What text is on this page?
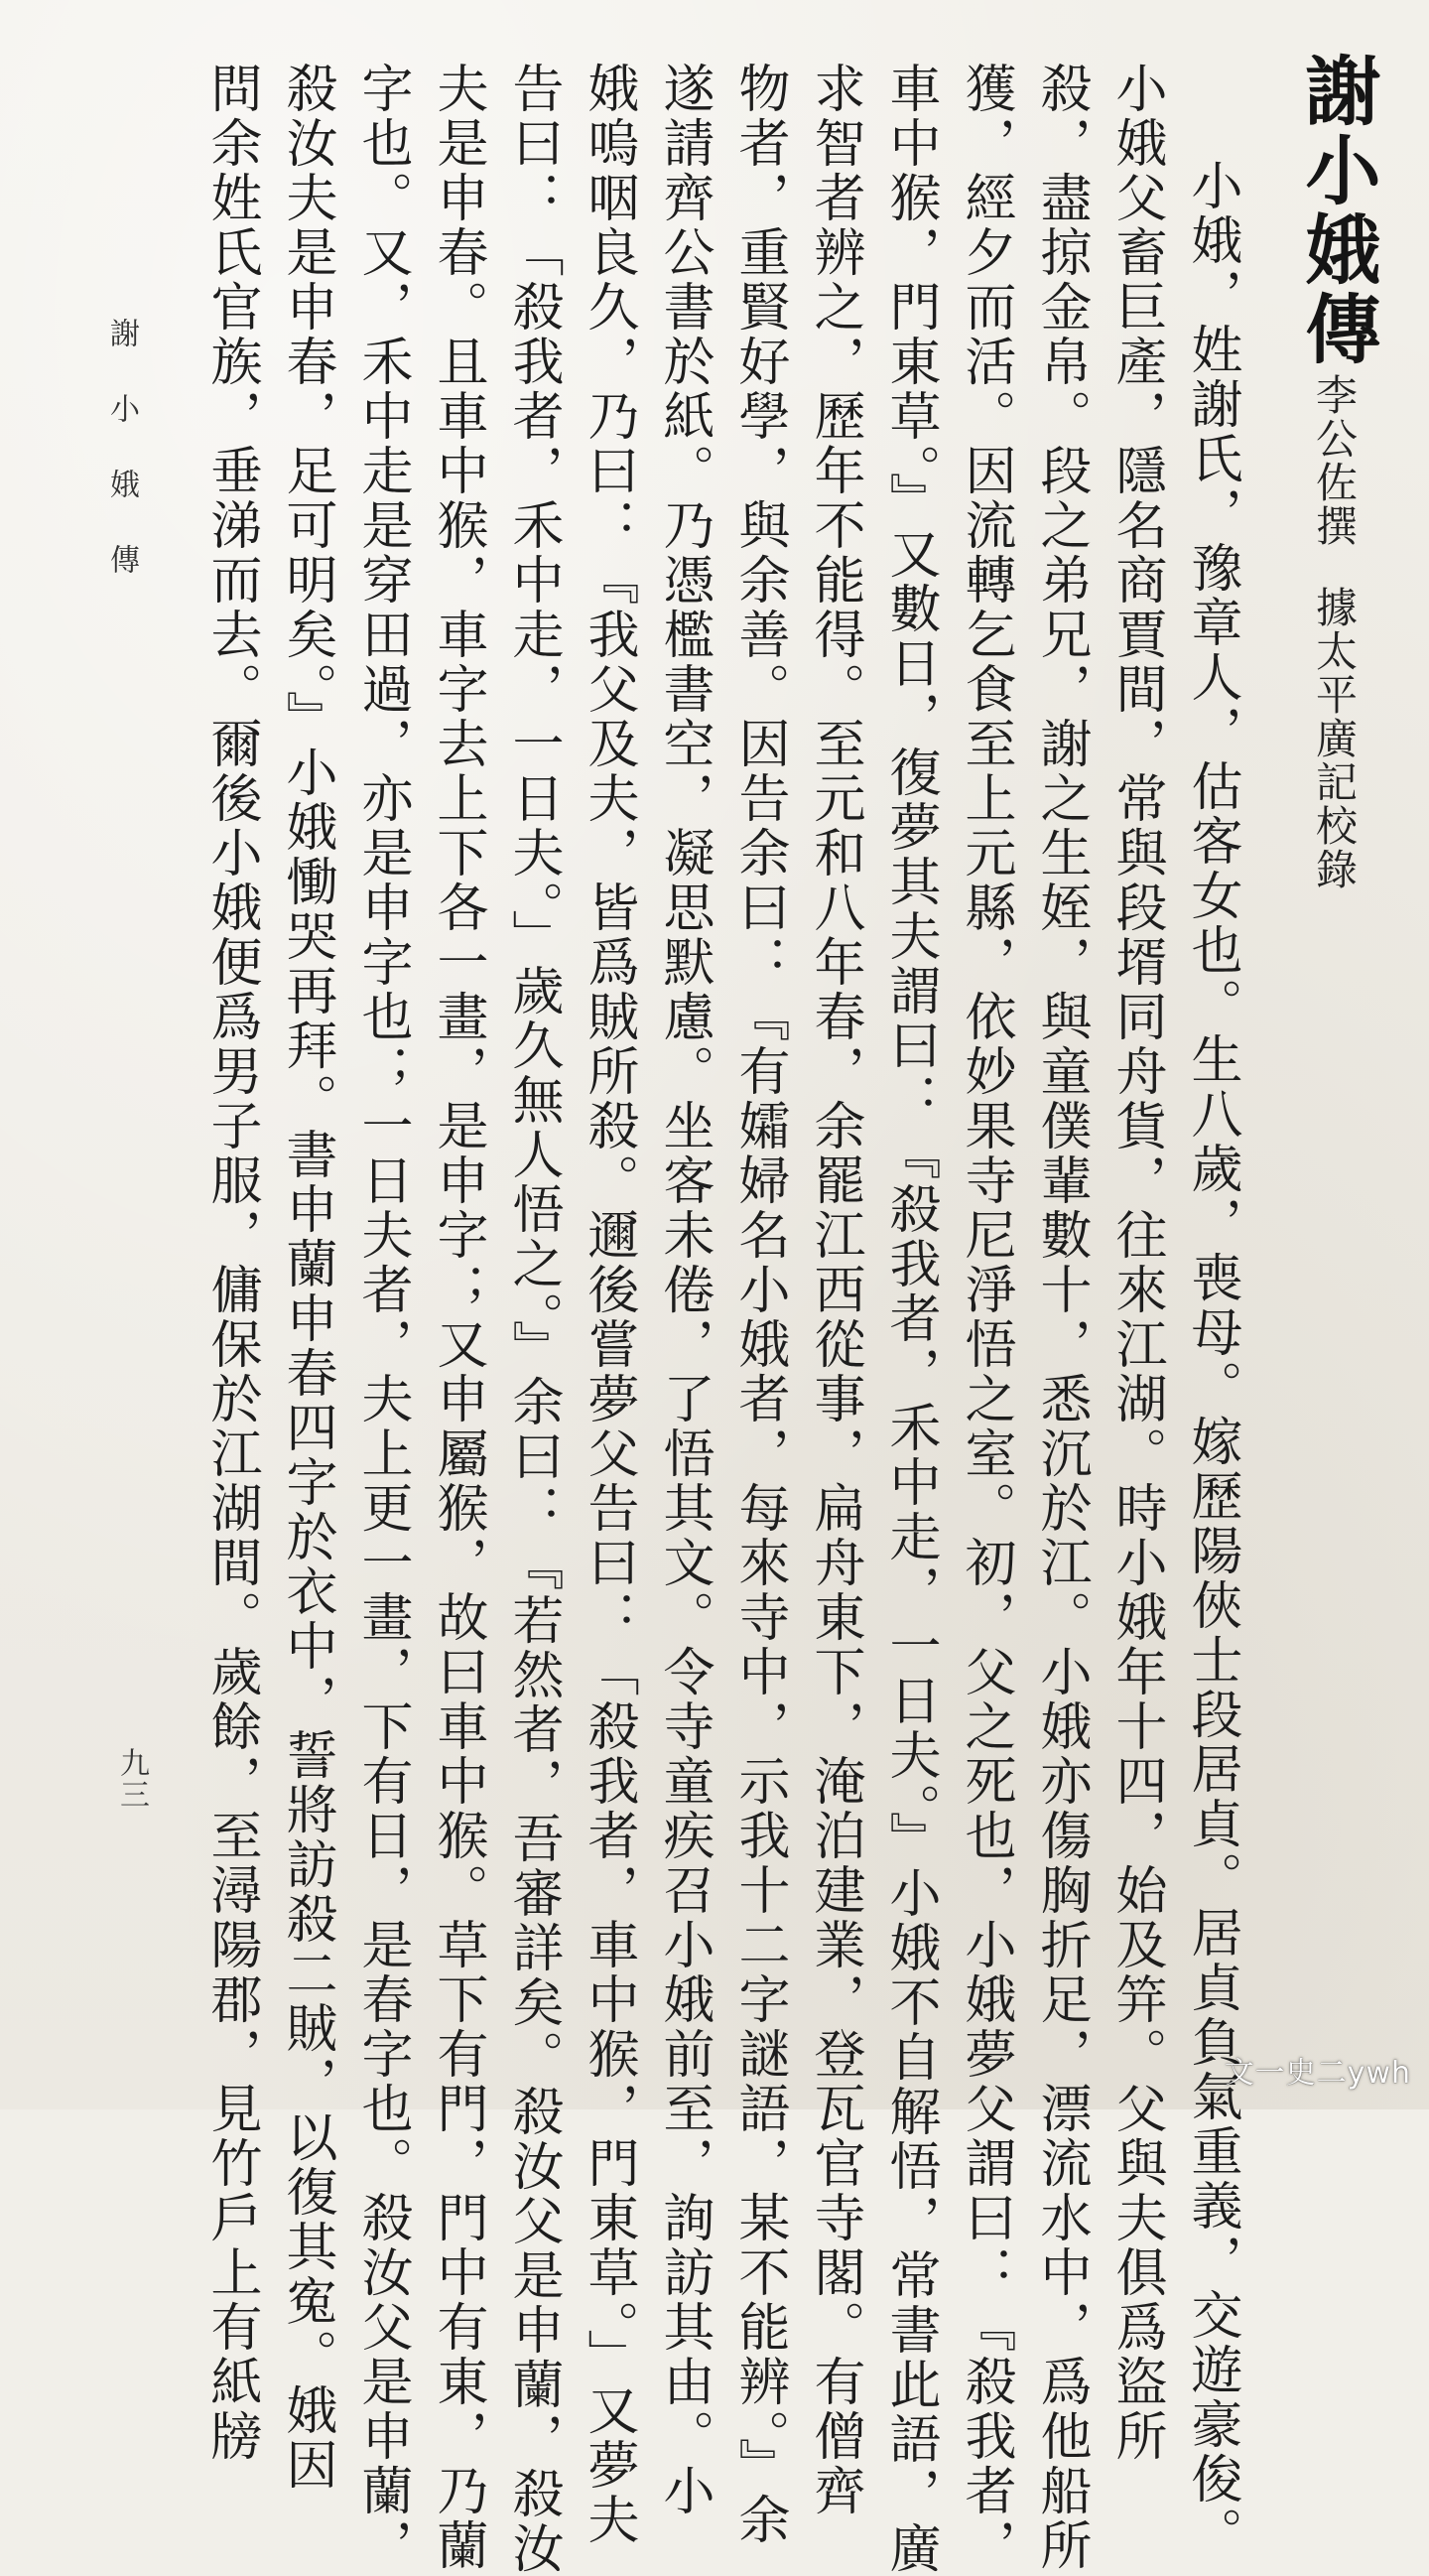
謝小娥傳
李公佐撰
據太平廣記校錄
小娥，姓謝氏，豫章人，估客女也。生八歲，喪母。嫁歷陽俠士段居貞。居貞負氣重義，交遊豪俊。
小娥父畜巨產，隱名商賈間，常與段壻同舟貨，往來江湖。時小娥年十四，始及笄。父與夫俱爲盜所
殺，盡掠金帛。段之弟兄，謝之生姪，與童僕輩數十，悉沉於江。小娥亦傷胸折足，漂流水中，爲他船所
獲，經夕而活。因流轉乞食至上元縣，依妙果寺尼淨悟之室。初，父之死也，小娥夢父謂曰：『殺我者，
車中猴，門東草。』又數日，復夢其夫謂曰：『殺我者，禾中走，一日夫。』小娥不自解悟，常書此語，廣
求智者辨之，歷年不能得。至元和八年春，余罷江西從事，扁舟東下，淹泊建業，登瓦官寺閣。有僧齊
物者，重賢好學，與余善。因告余曰：『有孀婦名小娥者，每來寺中，示我十二字謎語，某不能辨。』余
遂請齊公書於紙。乃憑檻書空，凝思默慮。坐客未倦，了悟其文。令寺童疾召小娥前至，詢訪其由。小
娥嗚咽良久，乃曰：『我父及夫，皆爲賊所殺。邇後嘗夢父告曰：「殺我者，車中猴，門東草。」又夢夫
告曰：「殺我者，禾中走，一日夫。」歲久無人悟之。』余曰：『若然者，吾審詳矣。殺汝父是申蘭，殺汝
夫是申春。且車中猴，車字去上下各一畫，是申字；又申屬猴，故曰車中猴。草下有門，門中有東，乃蘭
字也。又，禾中走是穿田過，亦是申字也；一日夫者，夫上更一畫，下有日，是春字也。殺汝父是申蘭，
殺汝夫是申春，足可明矣。』小娥慟哭再拜。書申蘭申春四字於衣中，誓將訪殺二賊，以復其寃。娥因
問余姓氏官族，垂涕而去。爾後小娥便爲男子服，傭保於江湖間。歲餘，至潯陽郡，見竹戶上有紙牓
謝小娥傳
九三
文一史二ywh
